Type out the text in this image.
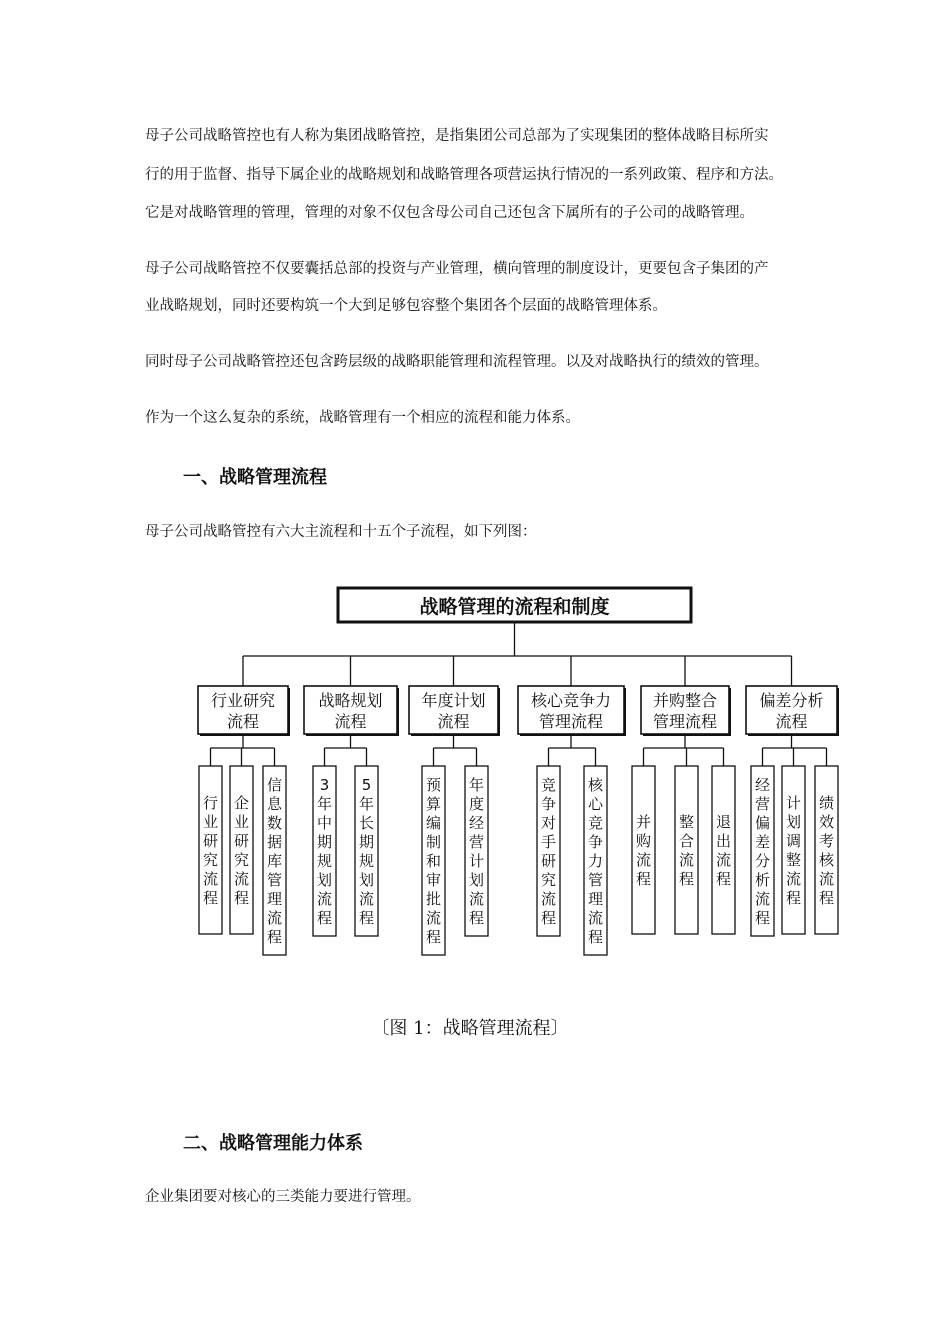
母子公司战略管控也有人称为集团战略管控，是指集团公司总部为了实现集团的整体战略目标所实
行的用于监督、指导下属企业的战略规划和战略管理各项营运执行情况的一系列政策、程序和方法。
它是对战略管理的管理，管理的对象不仅包含母公司自己还包含下属所有的子公司的战略管理。
母子公司战略管控不仅要囊括总部的投资与产业管理，横向管理的制度设计，更要包含子集团的产
业战略规划，同时还要构筑一个大到足够包容整个集团各个层面的战略管理体系。
同时母子公司战略管控还包含跨层级的战略职能管理和流程管理。以及对战略执行的绩效的管理。
作为一个这么复杂的系统，战略管理有一个相应的流程和能力体系。
一、战略管理流程
母子公司战略管控有六大主流程和十五个子流程，如下列图：
战略管理的流程和制度
行业研究
流程
行业研究流程
企业研究流程
信息数据库管理流程
战略规划
流程
3 年中期规划流程
5 年长期规划流程
年度计划
流程
预算编制和审批流程
年度经营计划流程
核心竞争力
管理流程
竞争对手研究流程
核心竞争力管理流程
并购整合
管理流程
并购流程
整合流程
退出流程
偏差分析
流程
经营偏差分析流程
计划调整流程
绩效考核流程
〔图 1：战略管理流程〕
二、战略管理能力体系
企业集团要对核心的三类能力要进行管理。
